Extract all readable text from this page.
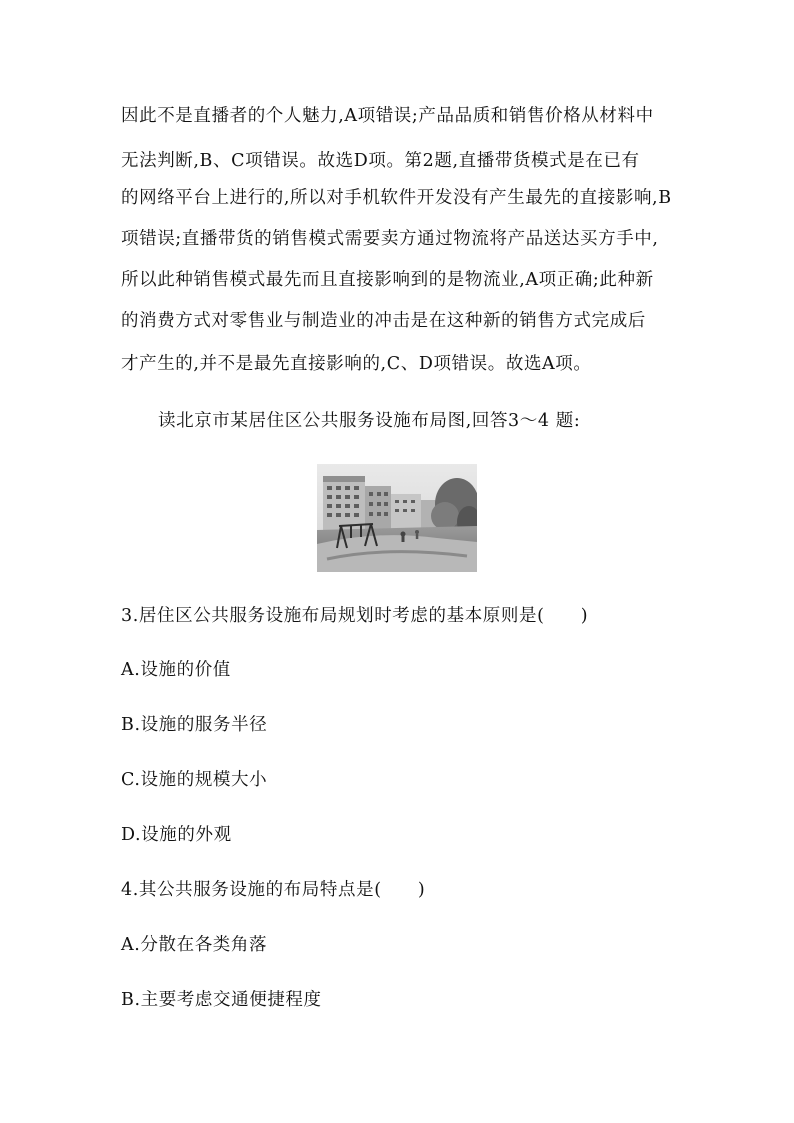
因此不是直播者的个人魅力,A项错误;产品品质和销售价格从材料中
无法判断,B、C项错误。故选D项。第2题,直播带货模式是在已有
的网络平台上进行的,所以对手机软件开发没有产生最先的直接影响,B
项错误;直播带货的销售模式需要卖方通过物流将产品送达买方手中,
所以此种销售模式最先而且直接影响到的是物流业,A项正确;此种新
的消费方式对零售业与制造业的冲击是在这种新的销售方式完成后
才产生的,并不是最先直接影响的,C、D项错误。故选A项。
读北京市某居住区公共服务设施布局图,回答3～4 题:
3.居住区公共服务设施布局规划时考虑的基本原则是(　　)
A.设施的价值
B.设施的服务半径
C.设施的规模大小
D.设施的外观
4.其公共服务设施的布局特点是(　　)
A.分散在各类角落
B.主要考虑交通便捷程度
